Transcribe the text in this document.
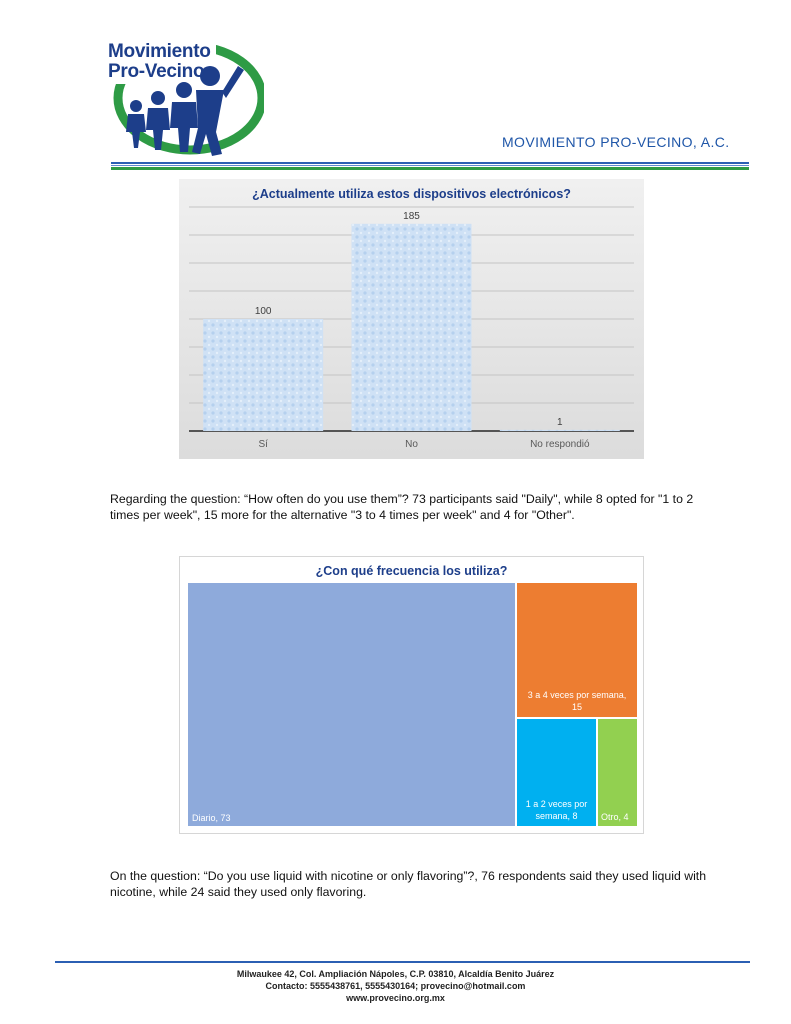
Movimiento
Pro-Vecino
MOVIMIENTO PRO-VECINO, A.C.
¿Actualmente utiliza estos dispositivos electrónicos?
100
Sí
185
No
1
No respondió
Regarding the question: “How often do you use them”? 73 participants said "Daily", while 8 opted for "1 to 2 times per week", 15 more for the alternative "3 to 4 times per week" and 4 for "Other".
¿Con qué frecuencia los utiliza?
Diario, 73
3 a 4 veces por semana,
15
1 a 2 veces por
semana, 8	Otro, 4
On the question: “Do you use liquid with nicotine or only flavoring”?, 76 respondents said they used liquid with nicotine, while 24 said they used only flavoring.
Milwaukee 42, Col. Ampliación Nápoles, C.P. 03810, Alcaldía Benito Juárez
Contacto: 5555438761, 5555430164; provecino@hotmail.com
www.provecino.org.mx
